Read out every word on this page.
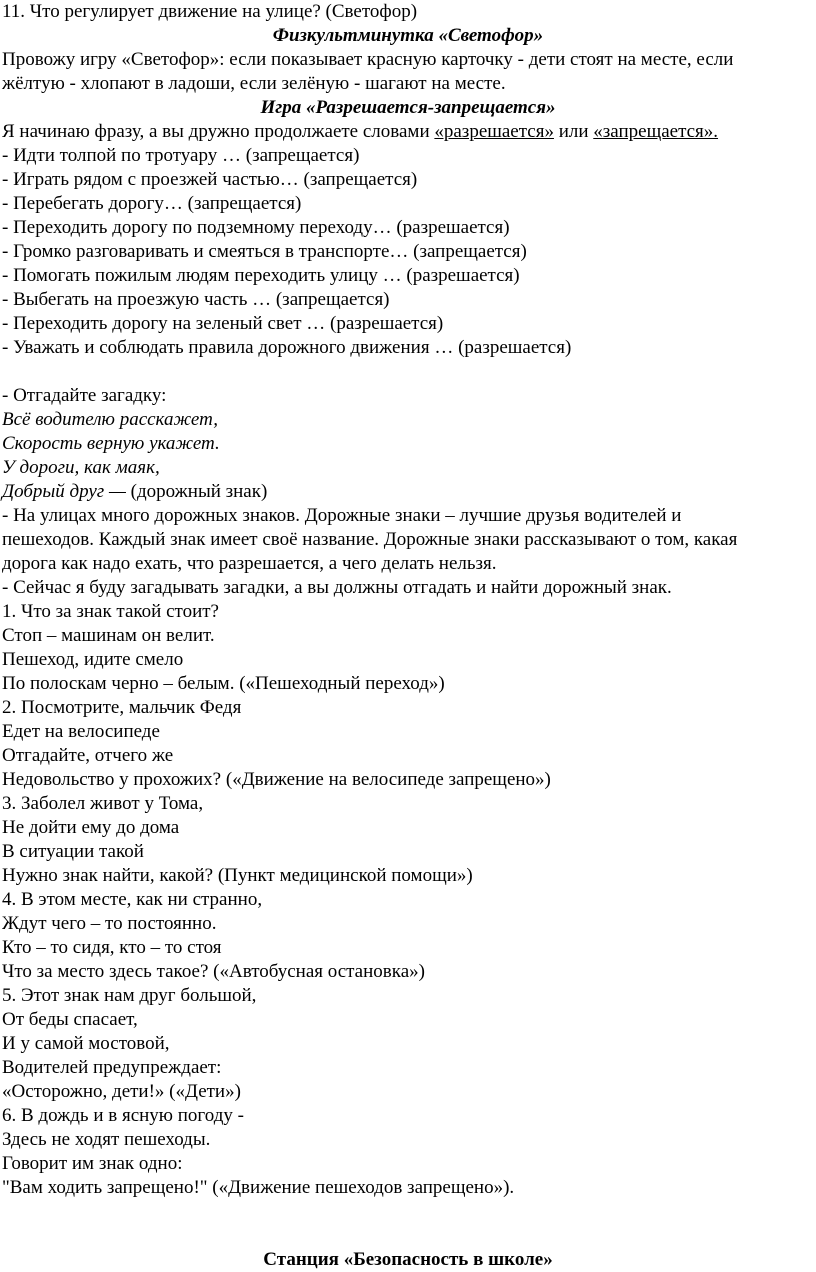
11. Что регулирует движение на улице? (Светофор)
Физкультминутка «Светофор»
Провожу игру «Светофор»: если показывает красную карточку - дети стоят на месте, если
жёлтую - хлопают в ладоши, если зелёную - шагают на месте.
Игра «Разрешается-запрещается»
Я начинаю фразу, а вы дружно продолжаете словами «разрешается» или «запрещается».
- Идти толпой по тротуару … (запрещается)
- Играть рядом с проезжей частью… (запрещается)
- Перебегать дорогу… (запрещается)
- Переходить дорогу по подземному переходу… (разрешается)
- Громко разговаривать и смеяться в транспорте… (запрещается)
- Помогать пожилым людям переходить улицу … (разрешается)
- Выбегать на проезжую часть … (запрещается)
- Переходить дорогу на зеленый свет … (разрешается)
- Уважать и соблюдать правила дорожного движения … (разрешается)
- Отгадайте загадку:
Всё водителю расскажет,
Скорость верную укажет.
У дороги, как маяк,
Добрый друг — (дорожный знак)
- На улицах много дорожных знаков. Дорожные знаки – лучшие друзья водителей и
пешеходов. Каждый знак имеет своё название. Дорожные знаки рассказывают о том, какая
дорога как надо ехать, что разрешается, а чего делать нельзя.
- Сейчас я буду загадывать загадки, а вы должны отгадать и найти дорожный знак.
1. Что за знак такой стоит?
Стоп – машинам он велит.
Пешеход, идите смело
По полоскам черно – белым. («Пешеходный переход»)
2. Посмотрите, мальчик Федя
Едет на велосипеде
Отгадайте, отчего же
Недовольство у прохожих? («Движение на велосипеде запрещено»)
3. Заболел живот у Тома,
Не дойти ему до дома
В ситуации такой
Нужно знак найти, какой? (Пункт медицинской помощи»)
4. В этом месте, как ни странно,
Ждут чего – то постоянно.
Кто – то сидя, кто – то стоя
Что за место здесь такое? («Автобусная остановка»)
5. Этот знак нам друг большой,
От беды спасает,
И у самой мостовой,
Водителей предупреждает:
«Осторожно, дети!» («Дети»)
6. В дождь и в ясную погоду -
Здесь не ходят пешеходы.
Говорит им знак одно:
"Вам ходить запрещено!" («Движение пешеходов запрещено»).
Станция «Безопасность в школе»
